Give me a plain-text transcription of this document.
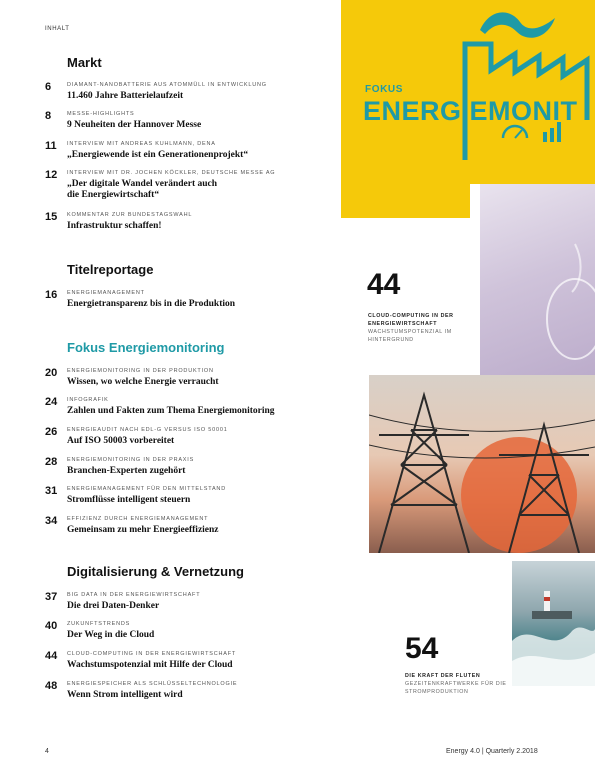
INHALT
Markt
Titelreportage
Fokus Energiemonitoring
Digitalisierung & Vernetzung
6	DIAMANT-NANOBATTERIE AUS ATOMMÜLL IN ENTWICKLUNG
11.460 Jahre Batterielaufzeit
8	MESSE-HIGHLIGHTS
9 Neuheiten der Hannover Messe
11	INTERVIEW MIT ANDREAS KUHLMANN, DENA
„Energiewende ist ein Generationenprojekt“
12	INTERVIEW MIT DR. JOCHEN KÖCKLER, DEUTSCHE MESSE AG
„Der digitale Wandel verändert auch
die Energiewirtschaft“
15	KOMMENTAR ZUR BUNDESTAGSWAHL
Infrastruktur schaffen!
16	ENERGIEMANAGEMENT
Energietransparenz bis in die Produktion
20	ENERGIEMONITORING IN DER PRODUKTION
Wissen, wo welche Energie verraucht
24	INFOGRAFIK
Zahlen und Fakten zum Thema Energiemonitoring
26	ENERGIEAUDIT NACH EDL-G VERSUS ISO 50001
Auf ISO 50003 vorbereitet
28	ENERGIEMONITORING IN DER PRAXIS
Branchen-Experten zugehört
31	ENERGIEMANAGEMENT FÜR DEN MITTELSTAND
Stromflüsse intelligent steuern
34	EFFIZIENZ DURCH ENERGIEMANAGEMENT
Gemeinsam zu mehr Energieeffizienz
37	BIG DATA IN DER ENERGIEWIRTSCHAFT
Die drei Daten-Denker
40	ZUKUNFTSTRENDS
Der Weg in die Cloud
44	CLOUD-COMPUTING IN DER ENERGIEWIRTSCHAFT
Wachstumspotenzial mit Hilfe der Cloud
48	ENERGIESPEICHER ALS SCHLÜSSELTECHNOLOGIE
Wenn Strom intelligent wird
FOKUS
ENERGIEMONIT
44
CLOUD-COMPUTING IN DER
ENERGIEWIRTSCHAFT
WACHSTUMSPOTENZIAL IM
HINTERGRUND
54
DIE KRAFT DER FLUTEN
GEZEITENKRAFTWERKE FÜR DIE
STROMPRODUKTION
4	Energy 4.0 | Quarterly 2.2018
